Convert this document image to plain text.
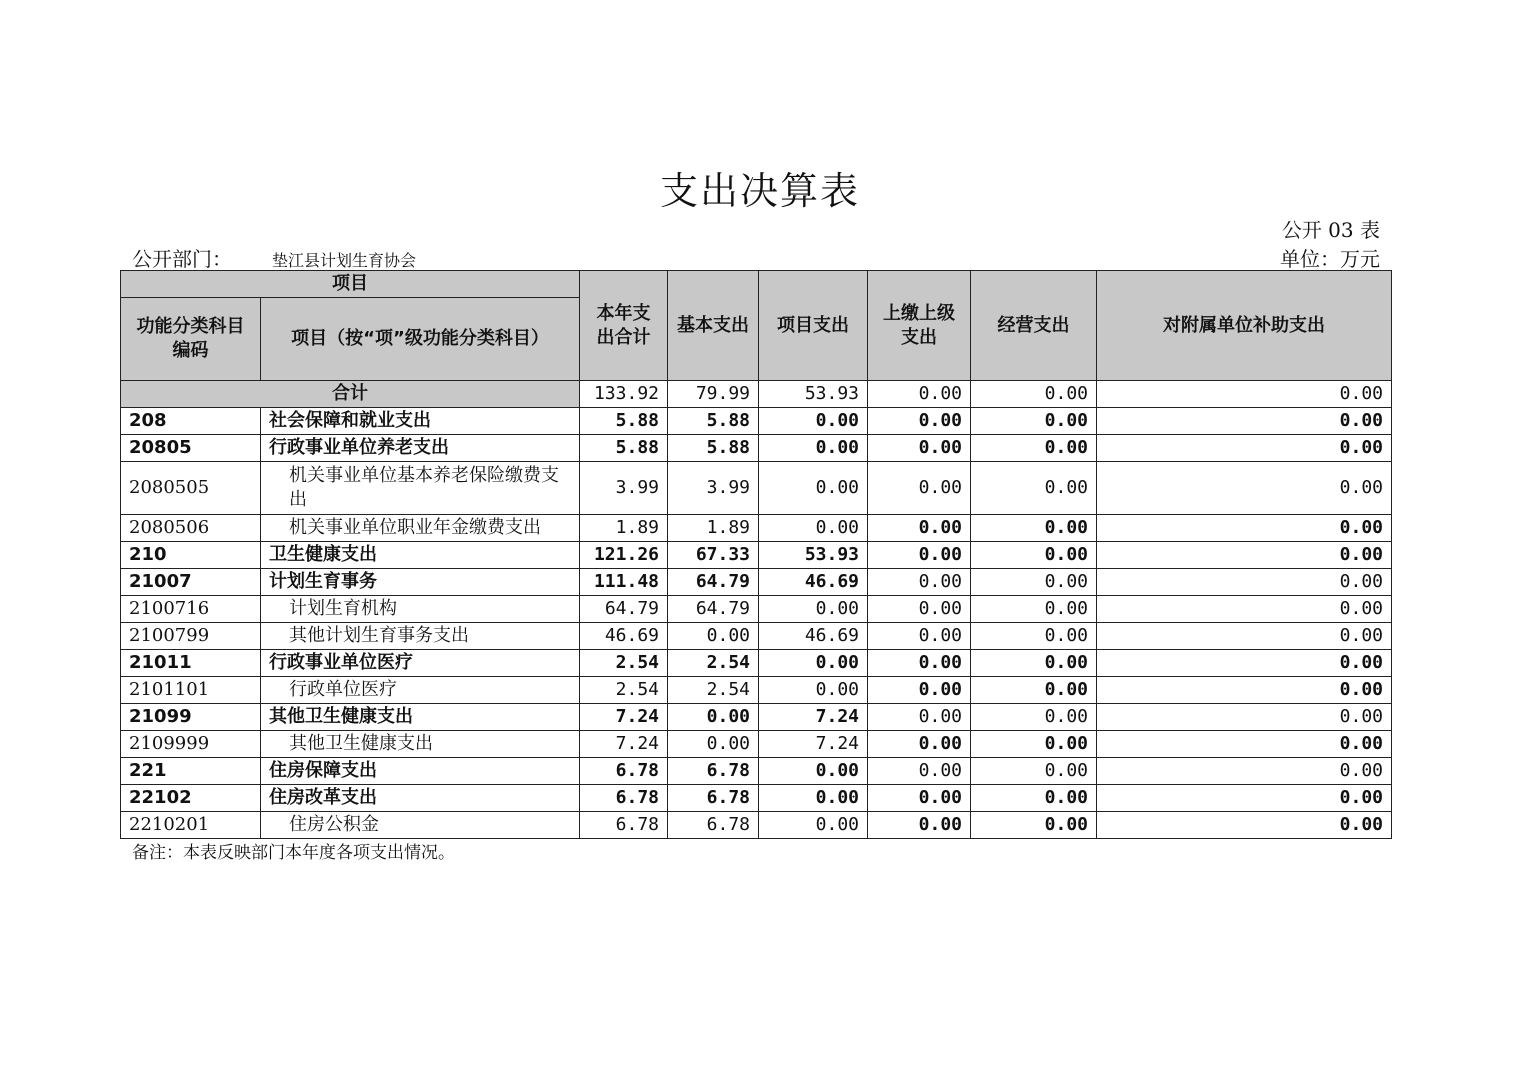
支出决算表
公开 03 表
公开部门：	垫江县计划生育协会	单位：万元
项目		本年支出合计	基本支出	项目支出	上缴上级支出	经营支出	对附属单位补助支出
功能分类科目编码	项目（按“项”级功能分类科目）						
合计		133.92	79.99	53.93	0.00	0.00	0.00
208	社会保障和就业支出	5.88	5.88	0.00	0.00	0.00	0.00
20805	行政事业单位养老支出	5.88	5.88	0.00	0.00	0.00	0.00
2080505	机关事业单位基本养老保险缴费支出	3.99	3.99	0.00	0.00	0.00	0.00
2080506	机关事业单位职业年金缴费支出	1.89	1.89	0.00	0.00	0.00	0.00
210	卫生健康支出	121.26	67.33	53.93	0.00	0.00	0.00
21007	计划生育事务	111.48	64.79	46.69	0.00	0.00	0.00
2100716	计划生育机构	64.79	64.79	0.00	0.00	0.00	0.00
2100799	其他计划生育事务支出	46.69	0.00	46.69	0.00	0.00	0.00
21011	行政事业单位医疗	2.54	2.54	0.00	0.00	0.00	0.00
2101101	行政单位医疗	2.54	2.54	0.00	0.00	0.00	0.00
21099	其他卫生健康支出	7.24	0.00	7.24	0.00	0.00	0.00
2109999	其他卫生健康支出	7.24	0.00	7.24	0.00	0.00	0.00
221	住房保障支出	6.78	6.78	0.00	0.00	0.00	0.00
22102	住房改革支出	6.78	6.78	0.00	0.00	0.00	0.00
2210201	住房公积金	6.78	6.78	0.00	0.00	0.00	0.00
备注：本表反映部门本年度各项支出情况。
